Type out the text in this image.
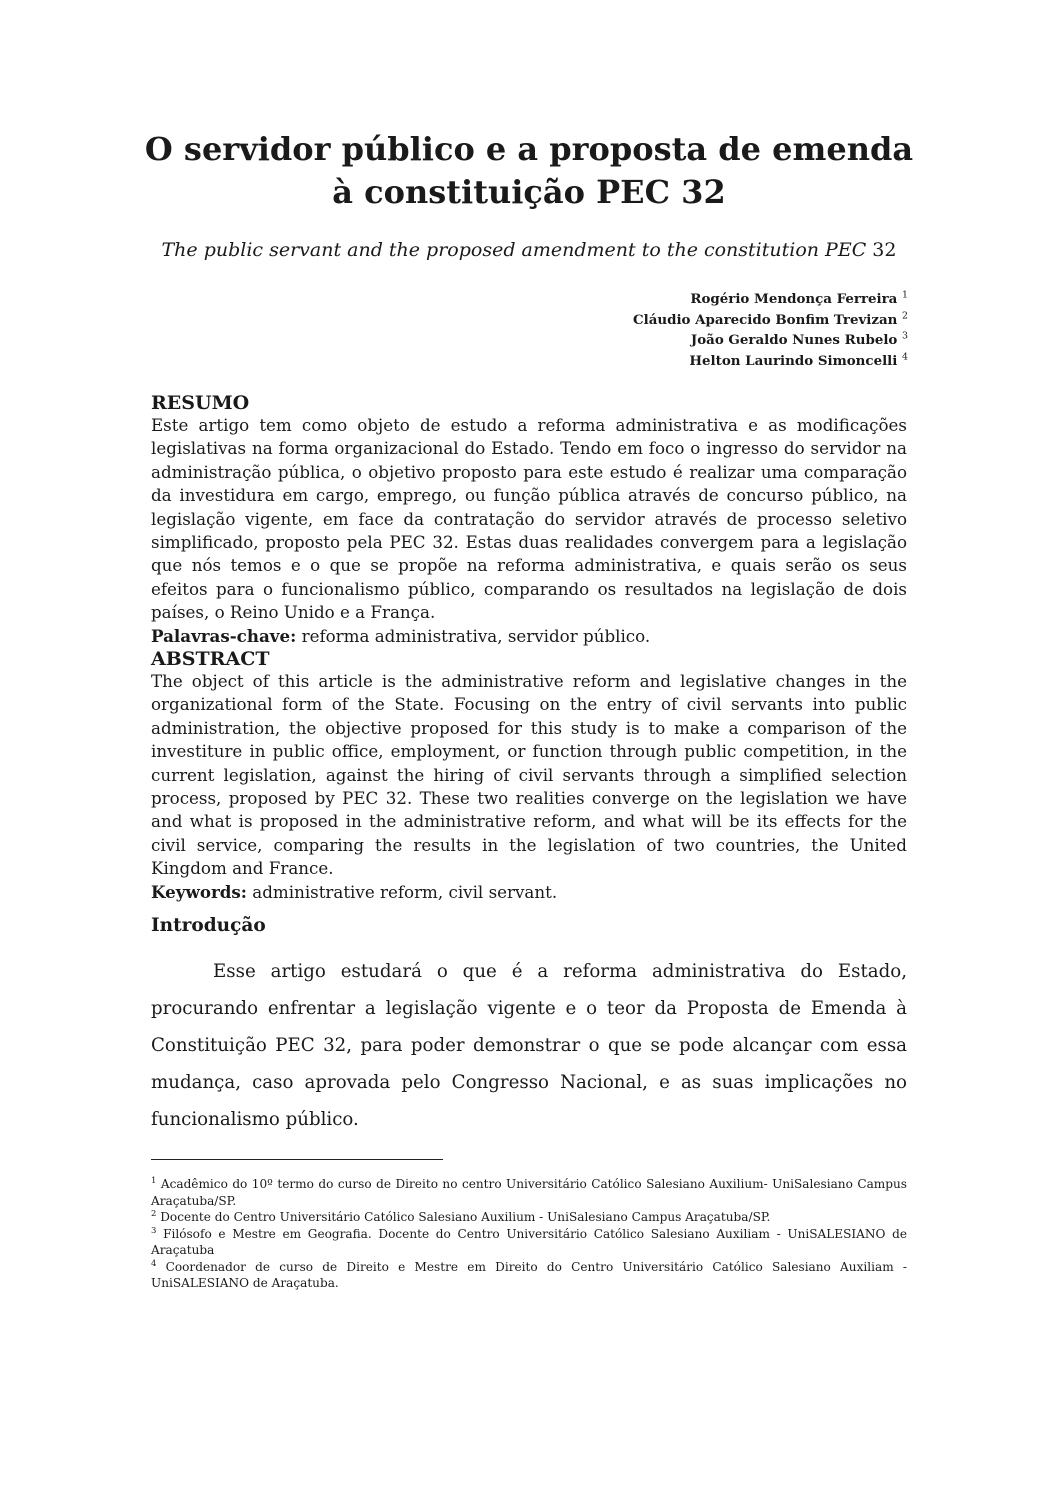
O servidor público e a proposta de emenda à constituição PEC 32
The public servant and the proposed amendment to the constitution PEC 32
Rogério Mendonça Ferreira $^1$
Cláudio Aparecido Bonfim Trevizan $^2$
João Geraldo Nunes Rubelo $^3$
Helton Laurindo Simoncelli $^4$
RESUMO

Este artigo tem como objeto de estudo a reforma administrativa e as modificações legislativas na forma organizacional do Estado. Tendo em foco o ingresso do servidor na administração pública, o objetivo proposto para este estudo é realizar uma comparação da investidura em cargo, emprego, ou função pública através de concurso público, na legislação vigente, em face da contratação do servidor através de processo seletivo simplificado, proposto pela PEC 32. Estas duas realidades convergem para a legislação que nós temos e o que se propõe na reforma administrativa, e quais serão os seus efeitos para o funcionalismo público, comparando os resultados na legislação de dois países, o Reino Unido e a França.

Palavras-chave: reforma administrativa, servidor público.

ABSTRACT

The object of this article is the administrative reform and legislative changes in the organizational form of the State. Focusing on the entry of civil servants into public administration, the objective proposed for this study is to make a comparison of the investiture in public office, employment, or function through public competition, in the current legislation, against the hiring of civil servants through a simplified selection process, proposed by PEC 32. These two realities converge on the legislation we have and what is proposed in the administrative reform, and what will be its effects for the civil service, comparing the results in the legislation of two countries, the United Kingdom and France.

Keywords: administrative reform, civil servant.

Introdução

Esse artigo estudará o que é a reforma administrativa do Estado, procurando enfrentar a legislação vigente e o teor da Proposta de Emenda à Constituição PEC 32, para poder demonstrar o que se pode alcançar com essa mudança, caso aprovada pelo Congresso Nacional, e as suas implicações no funcionalismo público.

$^1$ Acadêmico do 10º termo do curso de Direito no centro Universitário Católico Salesiano Auxilium- UniSalesiano Campus Araçatuba/SP.

$^2$ Docente do Centro Universitário Católico Salesiano Auxilium - UniSalesiano Campus Araçatuba/SP.

$^3$ Filósofo e Mestre em Geografia. Docente do Centro Universitário Católico Salesiano Auxiliam - UniSALESIANO de Araçatuba

$^4$ Coordenador de curso de Direito e Mestre em Direito do Centro Universitário Católico Salesiano Auxiliam - UniSALESIANO de Araçatuba.
